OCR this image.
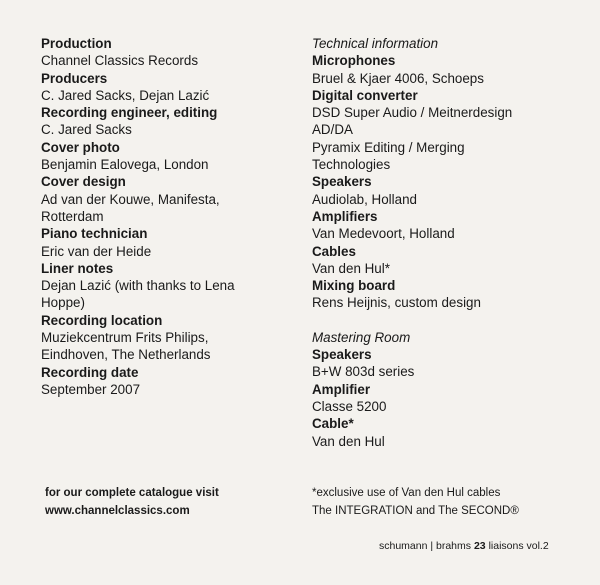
Production
Channel Classics Records
Producers
C. Jared Sacks, Dejan Lazić
Recording engineer, editing
C. Jared Sacks
Cover photo
Benjamin Ealovega, London
Cover design
Ad van der Kouwe, Manifesta,
Rotterdam
Piano technician
Eric van der Heide
Liner notes
Dejan Lazić (with thanks to Lena
Hoppe)
Recording location
Muziekcentrum Frits Philips,
Eindhoven, The Netherlands
Recording date
September 2007
Technical information
Microphones
Bruel & Kjaer 4006, Schoeps
Digital converter
DSD Super Audio / Meitnerdesign
AD/DA
Pyramix Editing / Merging
Technologies
Speakers
Audiolab, Holland
Amplifiers
Van Medevoort, Holland
Cables
Van den Hul*
Mixing board
Rens Heijnis, custom design
Mastering Room
Speakers
B+W 803d series
Amplifier
Classe 5200
Cable*
Van den Hul
for our complete catalogue visit
www.channelclassics.com
*exclusive use of Van den Hul cables
The INTEGRATION and The SECOND®
schumann | brahms 23 liaisons vol.2
